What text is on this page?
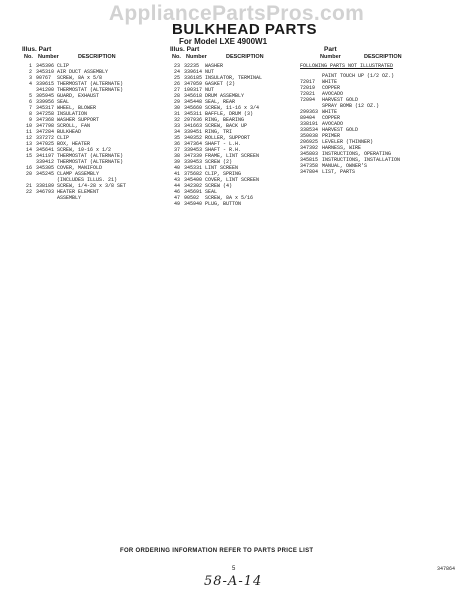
AppliancePartsPros.com
BULKHEAD PARTS
For Model LXE 4900W1
Illus. Part
No. Number	DESCRIPTION
1 345396 CLIP
2 345310 AIR DUCT ASSEMBLY
3 90767 SCREW, 8A x 5/8
4 339615 THERMOSTAT (ALTERNATE)
341200 THERMOSTAT (ALTERNATE)
5 305945 GUARD, EXHAUST
6 339956 SEAL
7 345317 WHEEL, BLOWER
8 347258 INSULATION
9 347368 WASHER SUPPORT
10 347798 SCROLL, FAN
11 347284 BULKHEAD
12 337272 CLIP
13 347025 BOX, HEATER
14 345641 SCREW, 10-16 x 1/2
15 341197 THERMOSTAT (ALTERNATE)
339412 THERMOSTAT (ALTERNATE)
16 345305 COVER, MANIFOLD
20 345245 CLAMP ASSEMBLY
(INCLUDES ILLUS. 21)
21 338189 SCREW, 1/4-28 x 3/8 SET
22 346793 HEATER ELEMENT
ASSEMBLY
Illus. Part
No. Number	DESCRIPTION
23 32235 WASHER
24 339614 NUT
25 336185 INSULATOR, TERMINAL
26 347059 GASKET (2)
27 100317 NUT
28 345618 DRUM ASSEMBLY
29 345448 SEAL, REAR
30 345660 SCREW, 11-16 x 3/4
31 345311 BAFFLE, DRUM (3)
32 297936 RING, BEARING
33 341663 SCREW, BACK UP
34 339451 RING, TRI
35 340352 ROLLER, SUPPORT
36 347364 SHAFT - L.H.
37 339453 SHAFT - R.H.
38 347339 FRAME, LINT SCREEN
39 339453 SCREW (2)
40 345331 LINT SCREEN
41 375682 CLIP, SPRING
43 345400 COVER, LINT SCREEN
44 342302 SCREW (4)
46 345691 SEAL
47 90502 SCREW, 8A x 5/16
49 345940 PLUG, BUTTON
Part
Number	DESCRIPTION
FOLLOWING PARTS NOT ILLUSTRATED
PAINT TOUCH UP (1/2 OZ.)
72017 WHITE
72019 COPPER
72021 AVOCADO
72094 HARVEST GOLD
SPRAY BOMB (12 OZ.)
299363 WHITE
89404 COPPER
338191 AVOCADO
338534 HARVEST GOLD
350038 PRIMER
206925 LEVELER (THINNER)
347392 HARNESS, WIRE
345803 INSTRUCTIONS, OPERATING
345815 INSTRUCTIONS, INSTALLATION
347358 MANUAL, OWNER'S
347804 LIST, PARTS
FOR ORDERING INFORMATION REFER TO PARTS PRICE LIST
5	347864
58-A-14
